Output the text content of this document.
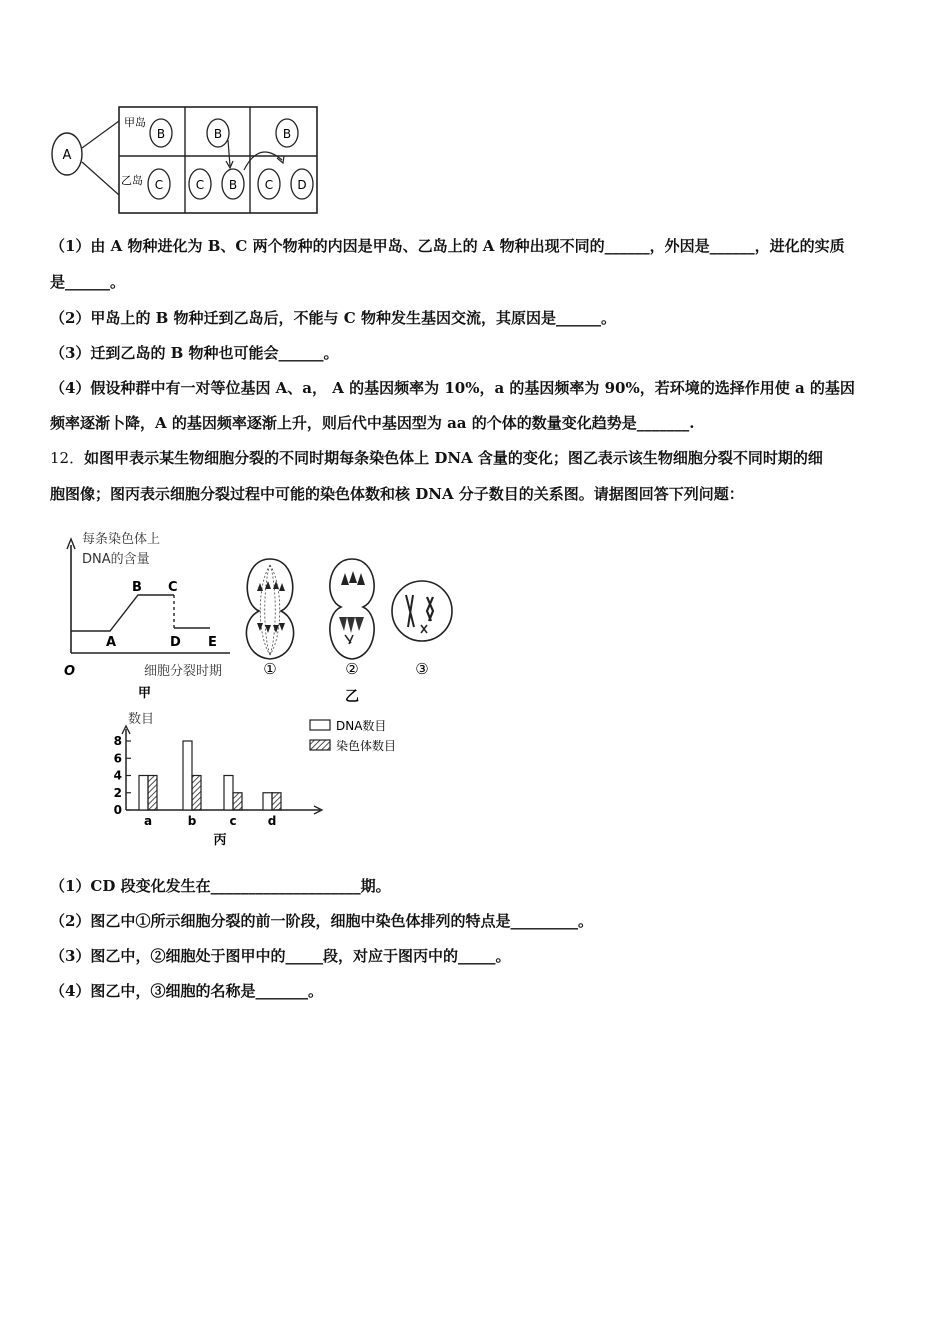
A
甲岛
乙岛
B	B	B
C	C B C D
（1）由 A 物种进化为 B、C 两个物种的内因是甲岛、乙岛上的 A 物种出现不同的______，外因是______，进化的实质
是______。
（2）甲岛上的 B 物种迁到乙岛后，不能与 C 物种发生基因交流，其原因是______。
（3）迁到乙岛的 B 物种也可能会______。
（4）假设种群中有一对等位基因 A、a， A 的基因频率为 10%，a 的基因频率为 90%，若环境的选择作用使 a 的基因
频率逐渐卜降，A 的基因频率逐渐上升，则后代中基因型为 aa 的个体的数量变化趋势是_______.
12．如图甲表示某生物细胞分裂的不同时期每条染色体上 DNA 含量的变化；图乙表示该生物细胞分裂不同时期的细
胞图像；图丙表示细胞分裂过程中可能的染色体数和核 DNA 分子数目的关系图。请据图回答下列问题：
每条染色体上
DNA的含量
A
B C
D E
O	细胞分裂时期
甲
①	②	③
乙
数目
0
2
4
6
8
a	b	c	d
丙
DNA数目
染色体数目
（1）CD 段变化发生在____________________期。
（2）图乙中①所示细胞分裂的前一阶段，细胞中染色体排列的特点是_________。
（3）图乙中，②细胞处于图甲中的_____段，对应于图丙中的_____。
（4）图乙中，③细胞的名称是_______。
